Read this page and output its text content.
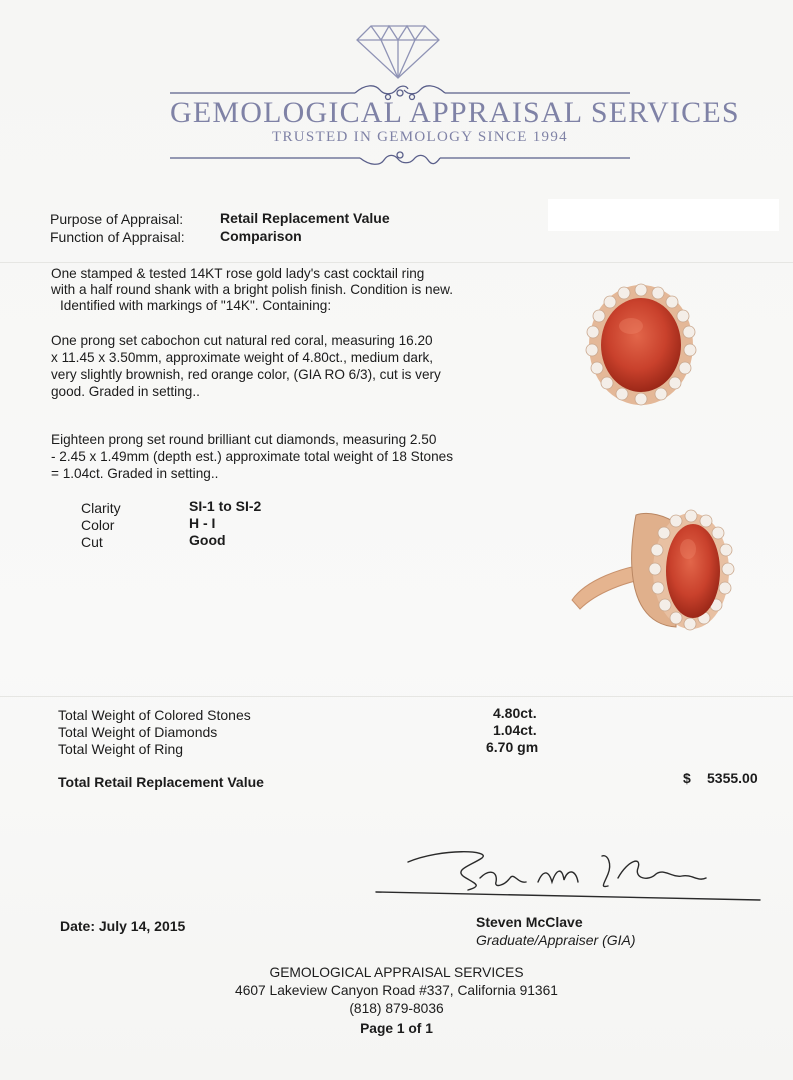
GEMOLOGICAL APPRAISAL SERVICES
TRUSTED IN GEMOLOGY SINCE 1994
Purpose of Appraisal:	Retail Replacement Value
Function of Appraisal:	Comparison
One stamped & tested 14KT rose gold lady's cast cocktail ring
with a half round shank with a bright polish finish. Condition is new.
Identified with markings of "14K". Containing:
One prong set cabochon cut natural red coral, measuring 16.20
x 11.45 x 3.50mm, approximate weight of 4.80ct., medium dark,
very slightly brownish, red orange color, (GIA RO 6/3), cut is very
good. Graded in setting..
Eighteen prong set round brilliant cut diamonds, measuring 2.50
- 2.45 x 1.49mm (depth est.) approximate total weight of 18 Stones
= 1.04ct. Graded in setting..
Clarity	SI-1 to SI-2
Color	H - I
Cut	Good
Total Weight of Colored Stones	4.80ct.
Total Weight of Diamonds	1.04ct.
Total Weight of Ring	6.70 gm
Total Retail Replacement Value	$ 5355.00
Date: July 14, 2015	Steven McClave
Graduate/Appraiser (GIA)
GEMOLOGICAL APPRAISAL SERVICES
4607 Lakeview Canyon Road #337, California 91361
(818) 879-8036
Page 1 of 1
